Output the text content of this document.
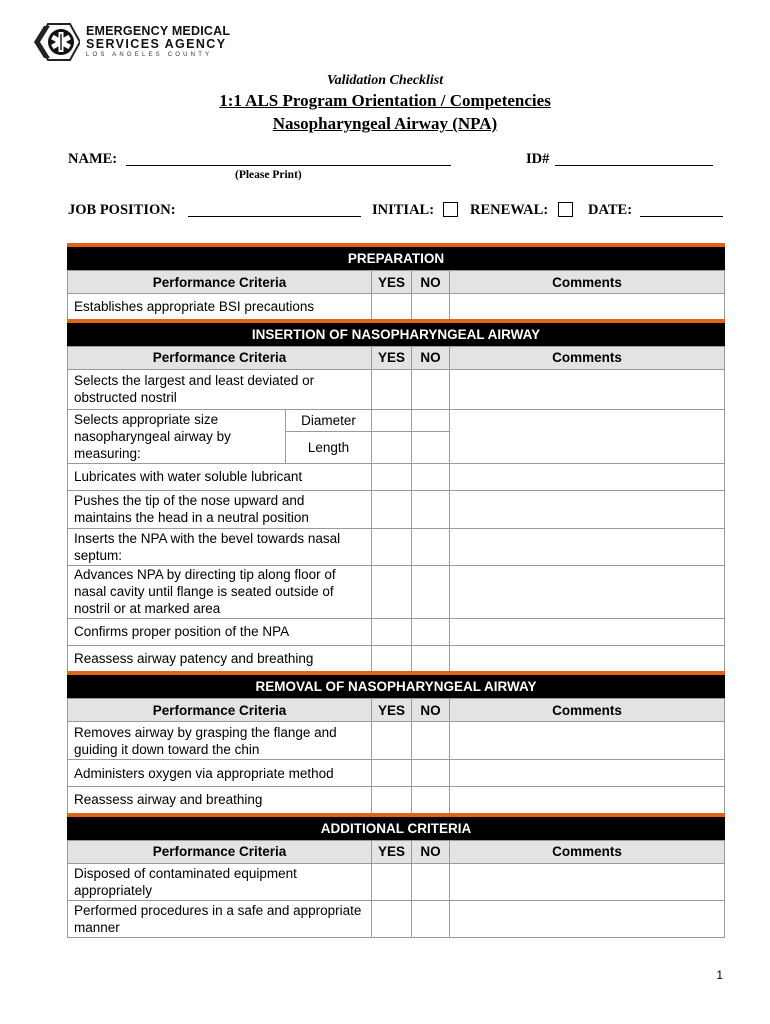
EMERGENCY MEDICAL
SERVICES AGENCY
LOS ANGELES COUNTY
Validation Checklist
1:1 ALS Program Orientation / Competencies
Nasopharyngeal Airway (NPA)
NAME:
(Please Print)
ID#
JOB POSITION:	INITIAL: RENEWAL:	DATE:
PREPARATION				
Performance Criteria		YES	NO	Comments
Establishes appropriate BSI precautions				
INSERTION OF NASOPHARYNGEAL AIRWAY				
Performance Criteria		YES	NO	Comments
Selects the largest and least deviated or obstructed nostril				
Selects appropriate size nasopharyngeal airway by measuring:	Diameter			
	Length			
Lubricates with water soluble lubricant				
Pushes the tip of the nose upward and maintains the head in a neutral position				
Inserts the NPA with the bevel towards nasal septum:				
Advances NPA by directing tip along floor of nasal cavity until flange is seated outside of nostril or at marked area				
Confirms proper position of the NPA				
Reassess airway patency and breathing				
REMOVAL OF NASOPHARYNGEAL AIRWAY				
Performance Criteria		YES	NO	Comments
Removes airway by grasping the flange and guiding it down toward the chin				
Administers oxygen via appropriate method				
Reassess airway and breathing				
ADDITIONAL CRITERIA				
Performance Criteria		YES	NO	Comments
Disposed of contaminated equipment appropriately				
Performed procedures in a safe and appropriate manner				
1
